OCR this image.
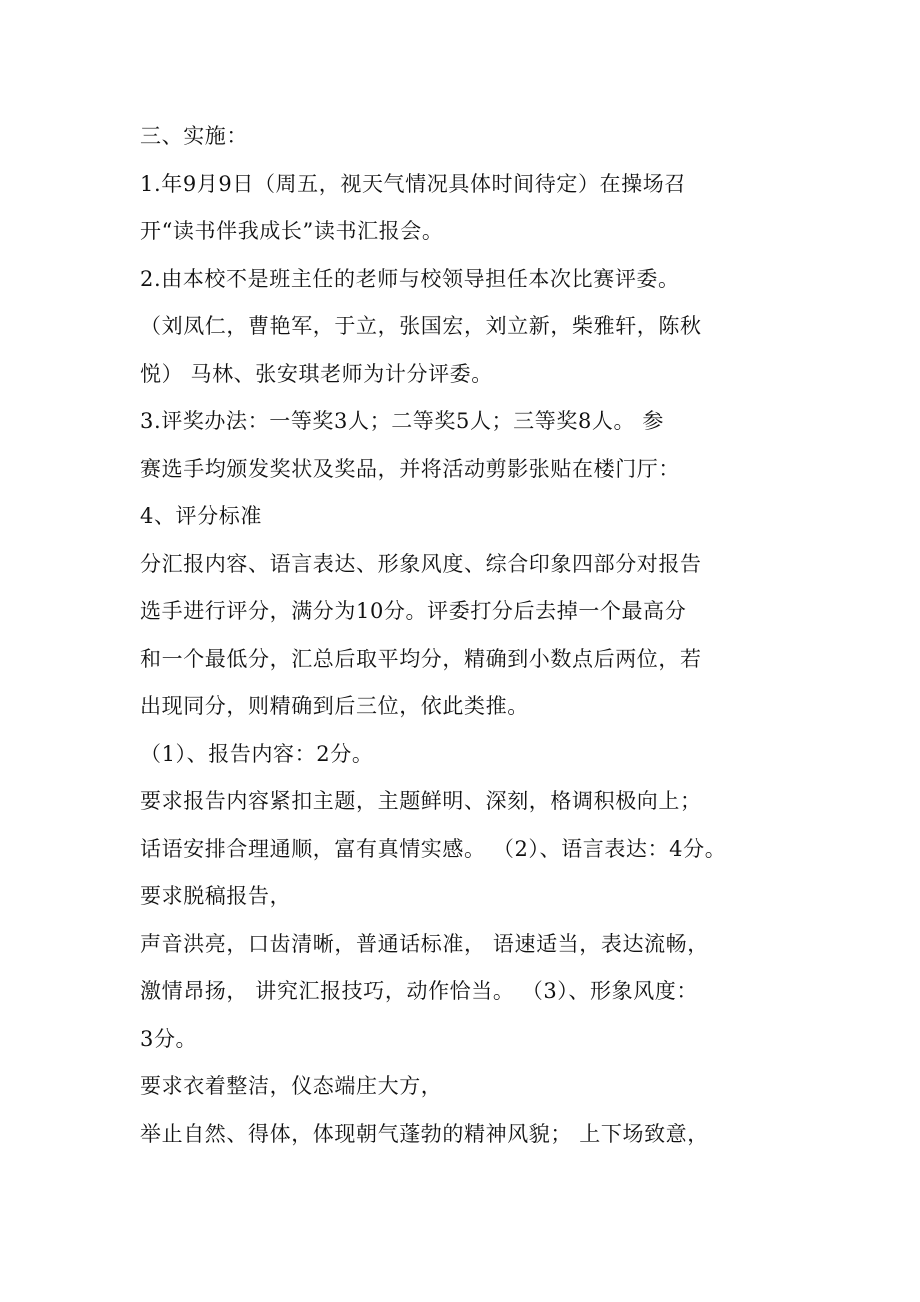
三、实施：
1.年9月9日（周五，视天气情况具体时间待定）在操场召
开“读书伴我成长”读书汇报会。
2.由本校不是班主任的老师与校领导担任本次比赛评委。
（刘凤仁，曹艳军，于立，张国宏，刘立新，柴雅轩，陈秋
悦） 马林、张安琪老师为计分评委。
3.评奖办法：一等奖3人；二等奖5人；三等奖8人。 参
赛选手均颁发奖状及奖品，并将活动剪影张贴在楼门厅：
4、评分标准
分汇报内容、语言表达、形象风度、综合印象四部分对报告
选手进行评分，满分为10分。评委打分后去掉一个最高分
和一个最低分，汇总后取平均分，精确到小数点后两位，若
出现同分，则精确到后三位，依此类推。
（1）、报告内容：2分。
要求报告内容紧扣主题，主题鲜明、深刻，格调积极向上；
话语安排合理通顺，富有真情实感。 （2）、语言表达：4分。
要求脱稿报告，
声音洪亮，口齿清晰，普通话标准， 语速适当，表达流畅，
激情昂扬， 讲究汇报技巧，动作恰当。 （3）、形象风度：
3分。
要求衣着整洁，仪态端庄大方，
举止自然、得体，体现朝气蓬勃的精神风貌； 上下场致意，
